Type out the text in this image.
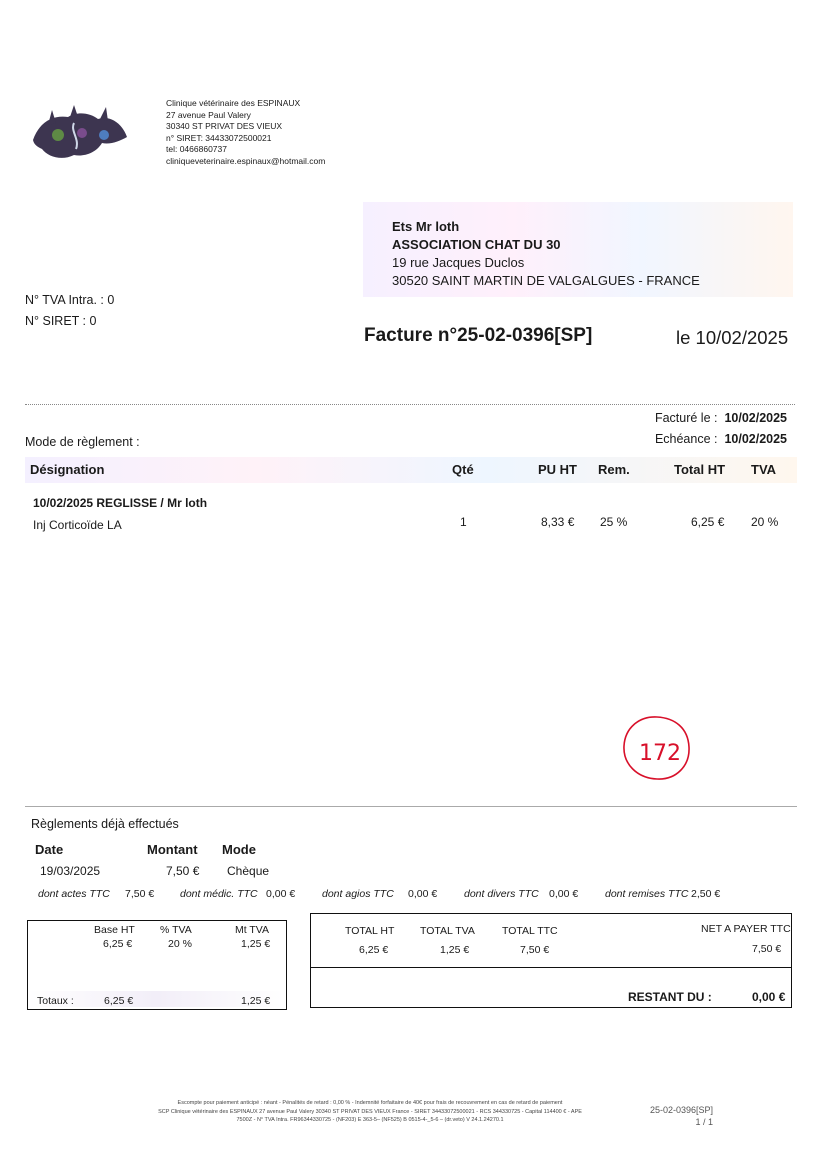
Clinique vétérinaire des ESPINAUX
27 avenue Paul Valery
30340 ST PRIVAT DES VIEUX
n° SIRET: 34433072500021
tel: 0466860737
cliniqueveterinaire.espinaux@hotmail.com
Ets Mr loth
ASSOCIATION CHAT DU 30
19 rue Jacques Duclos
30520 SAINT MARTIN DE VALGALGUES - FRANCE
N° TVA Intra. : 0
N° SIRET : 0
Facture n°25-02-0396[SP]	le 10/02/2025
Facturé le : 10/02/2025
Echéance : 10/02/2025
Mode de règlement :
Désignation	Qté	PU HT Rem.	Total HT TVA
10/02/2025 REGLISSE / Mr loth
Inj Corticoïde LA	1	8,33 € 25 %	6,25 € 20 %
172
Règlements déjà effectués
Date	Montant Mode
19/03/2025	7,50 € Chèque
dont actes TTC 7,50 € dont médic. TTC 0,00 €	dont agios TTC 0,00 €	dont divers TTC 0,00 €	dont remises TTC 2,50 €
Base HT % TVA	Mt TVA
6,25 €	20 %	1,25 €
Totaux :	6,25 €	1,25 €
TOTAL HT TOTAL TVA	TOTAL TTC	NET A PAYER TTC
6,25 €	1,25 €	7,50 €	7,50 €
RESTANT DU :	0,00 €
Escompte pour paiement anticipé : néant - Pénalités de retard : 0,00 % - Indemnité forfaitaire de 40€ pour frais de recouvrement en cas de retard de paiement
SCP Clinique vétérinaire des ESPINAUX 27 avenue Paul Valery 30340 ST PRIVAT DES VIEUX France - SIRET 34433072500021 - RCS 344330725 - Capital 114400 € - APE
7500Z - N° TVA Intra. FR96344330725 - (NF203) E 363-5– (NF525) B 0515-4-_5-6 – (dr.veto) V 24.1.24270.1
25-02-0396[SP]
1 / 1
